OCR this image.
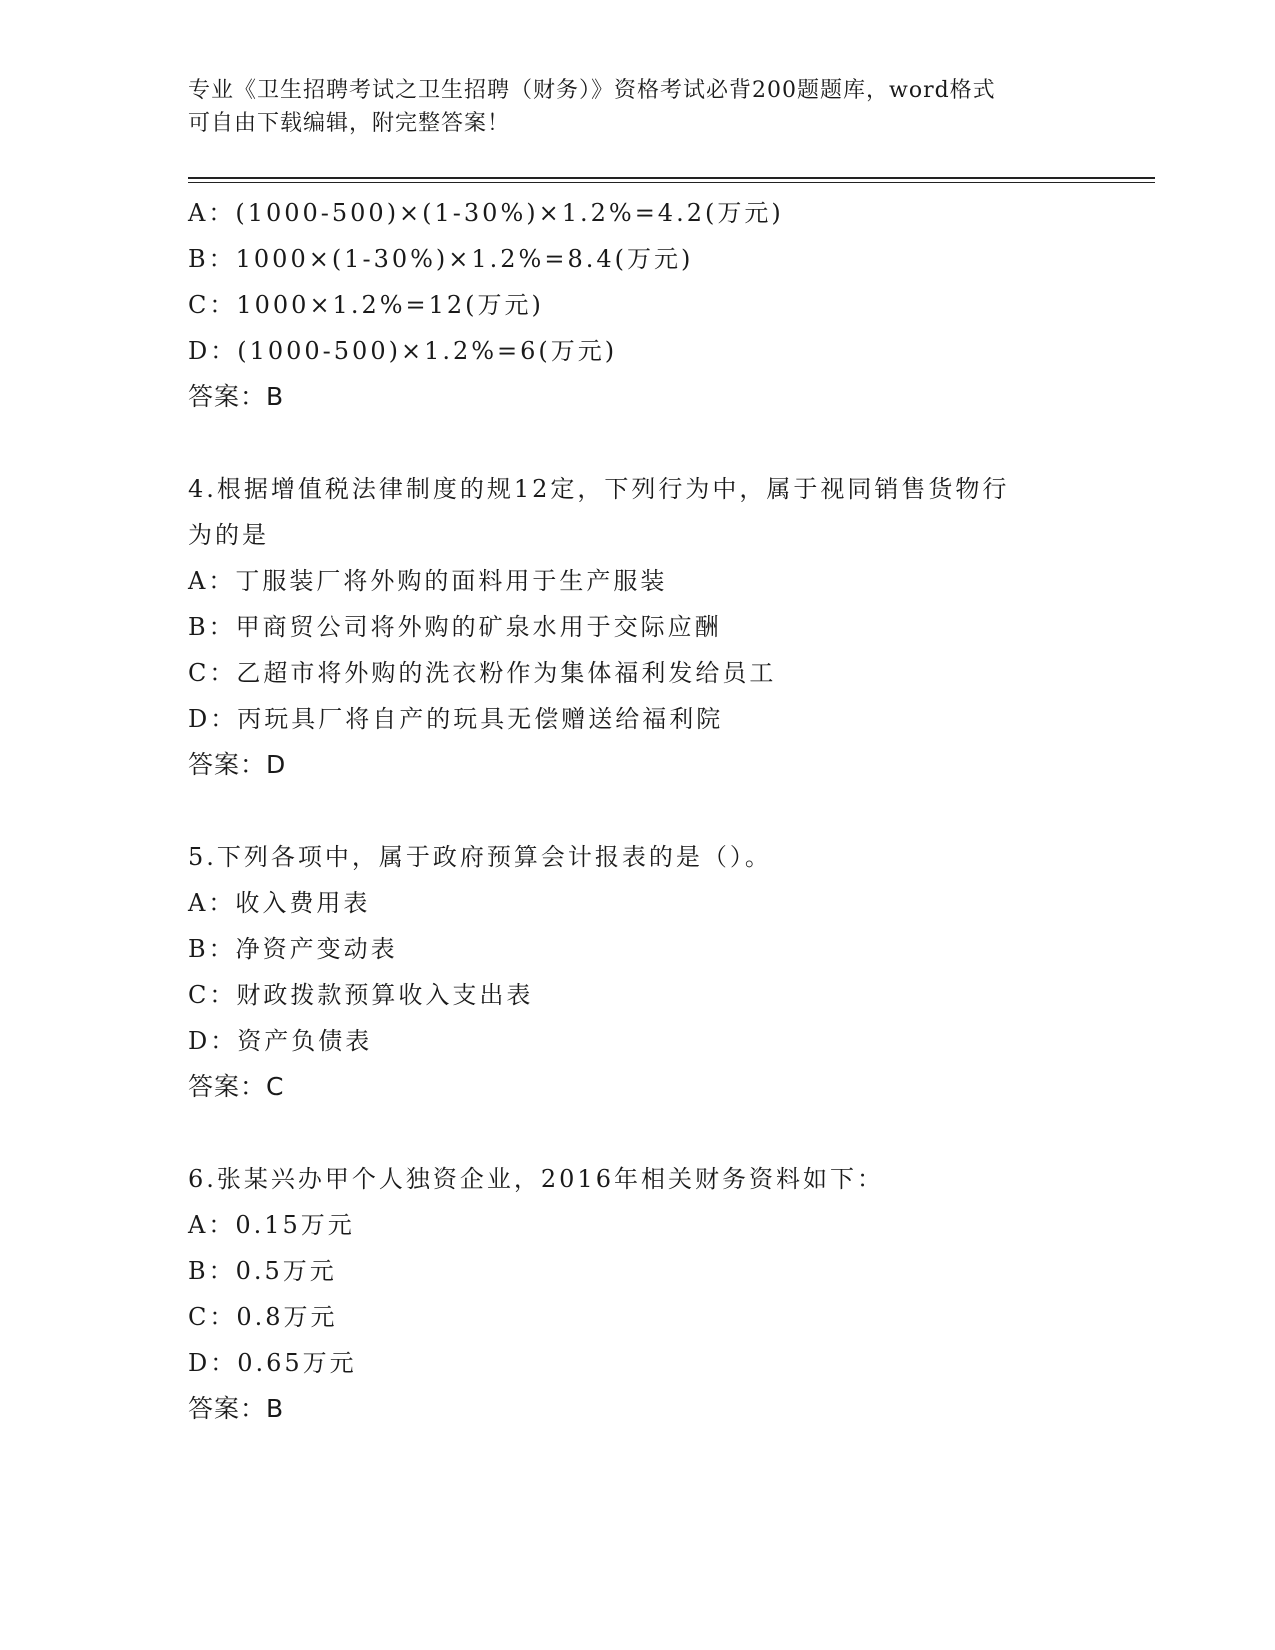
专业《卫生招聘考试之卫生招聘（财务）》资格考试必背200题题库，word格式
可自由下载编辑，附完整答案！
A：(1000-500)×(1-30%)×1.2%=4.2(万元)
B：1000×(1-30%)×1.2%=8.4(万元)
C：1000×1.2%=12(万元)
D：(1000-500)×1.2%=6(万元)
答案：B
4.根据增值税法律制度的规12定，下列行为中，属于视同销售货物行
为的是
A：丁服装厂将外购的面料用于生产服装
B：甲商贸公司将外购的矿泉水用于交际应酬
C：乙超市将外购的洗衣粉作为集体福利发给员工
D：丙玩具厂将自产的玩具无偿赠送给福利院
答案：D
5.下列各项中，属于政府预算会计报表的是（）。
A：收入费用表
B：净资产变动表
C：财政拨款预算收入支出表
D：资产负债表
答案：C
6.张某兴办甲个人独资企业，2016年相关财务资料如下：
A：0.15万元
B：0.5万元
C：0.8万元
D：0.65万元
答案：B
